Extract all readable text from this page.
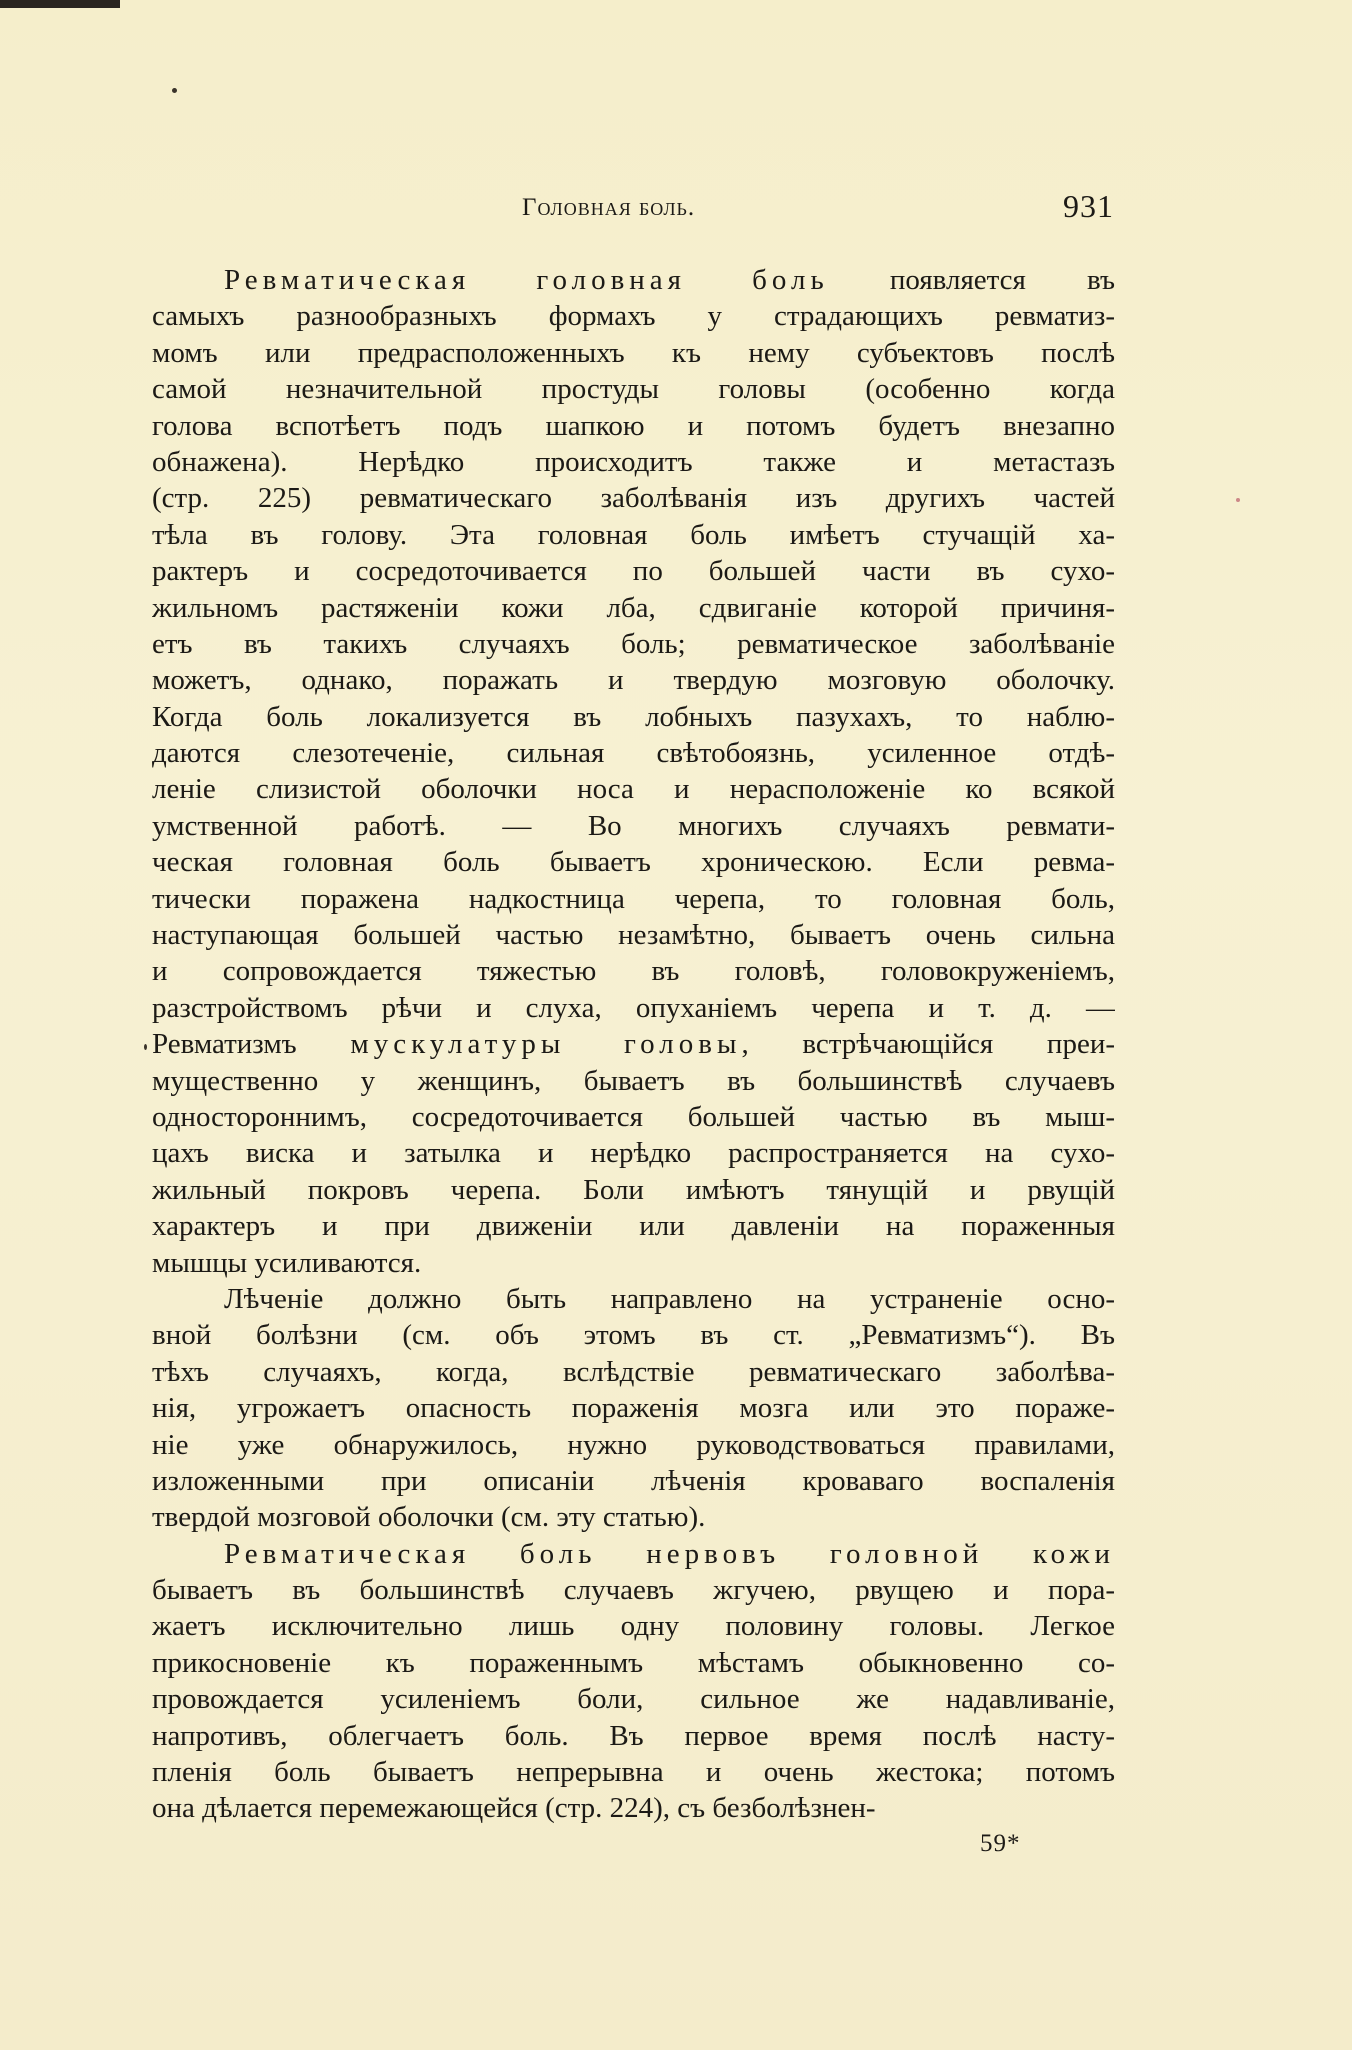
Головная боль.	931
Ревматическая головная боль появляется въ
самыхъ разнообразныхъ формахъ у страдающихъ ревматиз-
момъ или предрасположенныхъ къ нему субъектовъ послѣ
самой незначительной простуды головы (особенно когда
голова вспотѣетъ подъ шапкою и потомъ будетъ внезапно
обнажена). Нерѣдко происходитъ также и метастазъ
(стр. 225) ревматическаго заболѣванія изъ другихъ частей
тѣла въ голову. Эта головная боль имѣетъ стучащій ха-
рактеръ и сосредоточивается по большей части въ сухо-
жильномъ растяженіи кожи лба, сдвиганіе которой причиня-
етъ въ такихъ случаяхъ боль; ревматическое заболѣваніе
можетъ, однако, поражать и твердую мозговую оболочку.
Когда боль локализуется въ лобныхъ пазухахъ, то наблю-
даются слезотеченіе, сильная свѣтобоязнь, усиленное отдѣ-
леніе слизистой оболочки носа и нерасположеніе ко всякой
умственной работѣ. — Во многихъ случаяхъ ревмати-
ческая головная боль бываетъ хроническою. Если ревма-
тически поражена надкостница черепа, то головная боль,
наступающая большей частью незамѣтно, бываетъ очень сильна
и сопровождается тяжестью въ головѣ, головокруженіемъ,
разстройствомъ рѣчи и слуха, опуханіемъ черепа и т. д. —
Ревматизмъ мускулатуры головы, встрѣчающійся преи-
мущественно у женщинъ, бываетъ въ большинствѣ случаевъ
одностороннимъ, сосредоточивается большей частью въ мыш-
цахъ виска и затылка и нерѣдко распространяется на сухо-
жильный покровъ черепа. Боли имѣютъ тянущій и рвущій
характеръ и при движеніи или давленіи на пораженныя
мышцы усиливаются.
Лѣченіе должно быть направлено на устраненіе осно-
вной болѣзни (см. объ этомъ въ ст. „Ревматизмъ“). Въ
тѣхъ случаяхъ, когда, вслѣдствіе ревматическаго заболѣва-
нія, угрожаетъ опасность пораженія мозга или это пораже-
ніе уже обнаружилось, нужно руководствоваться правилами,
изложенными при описаніи лѣченія кроваваго воспаленія
твердой мозговой оболочки (см. эту статью).
Ревматическая боль нервовъ головной кожи
бываетъ въ большинствѣ случаевъ жгучею, рвущею и пора-
жаетъ исключительно лишь одну половину головы. Легкое
прикосновеніе къ пораженнымъ мѣстамъ обыкновенно со-
провождается усиленіемъ боли, сильное же надавливаніе,
напротивъ, облегчаетъ боль. Въ первое время послѣ насту-
пленія боль бываетъ непрерывна и очень жестока; потомъ
она дѣлается перемежающейся (стр. 224), съ безболѣзнен-
59*
